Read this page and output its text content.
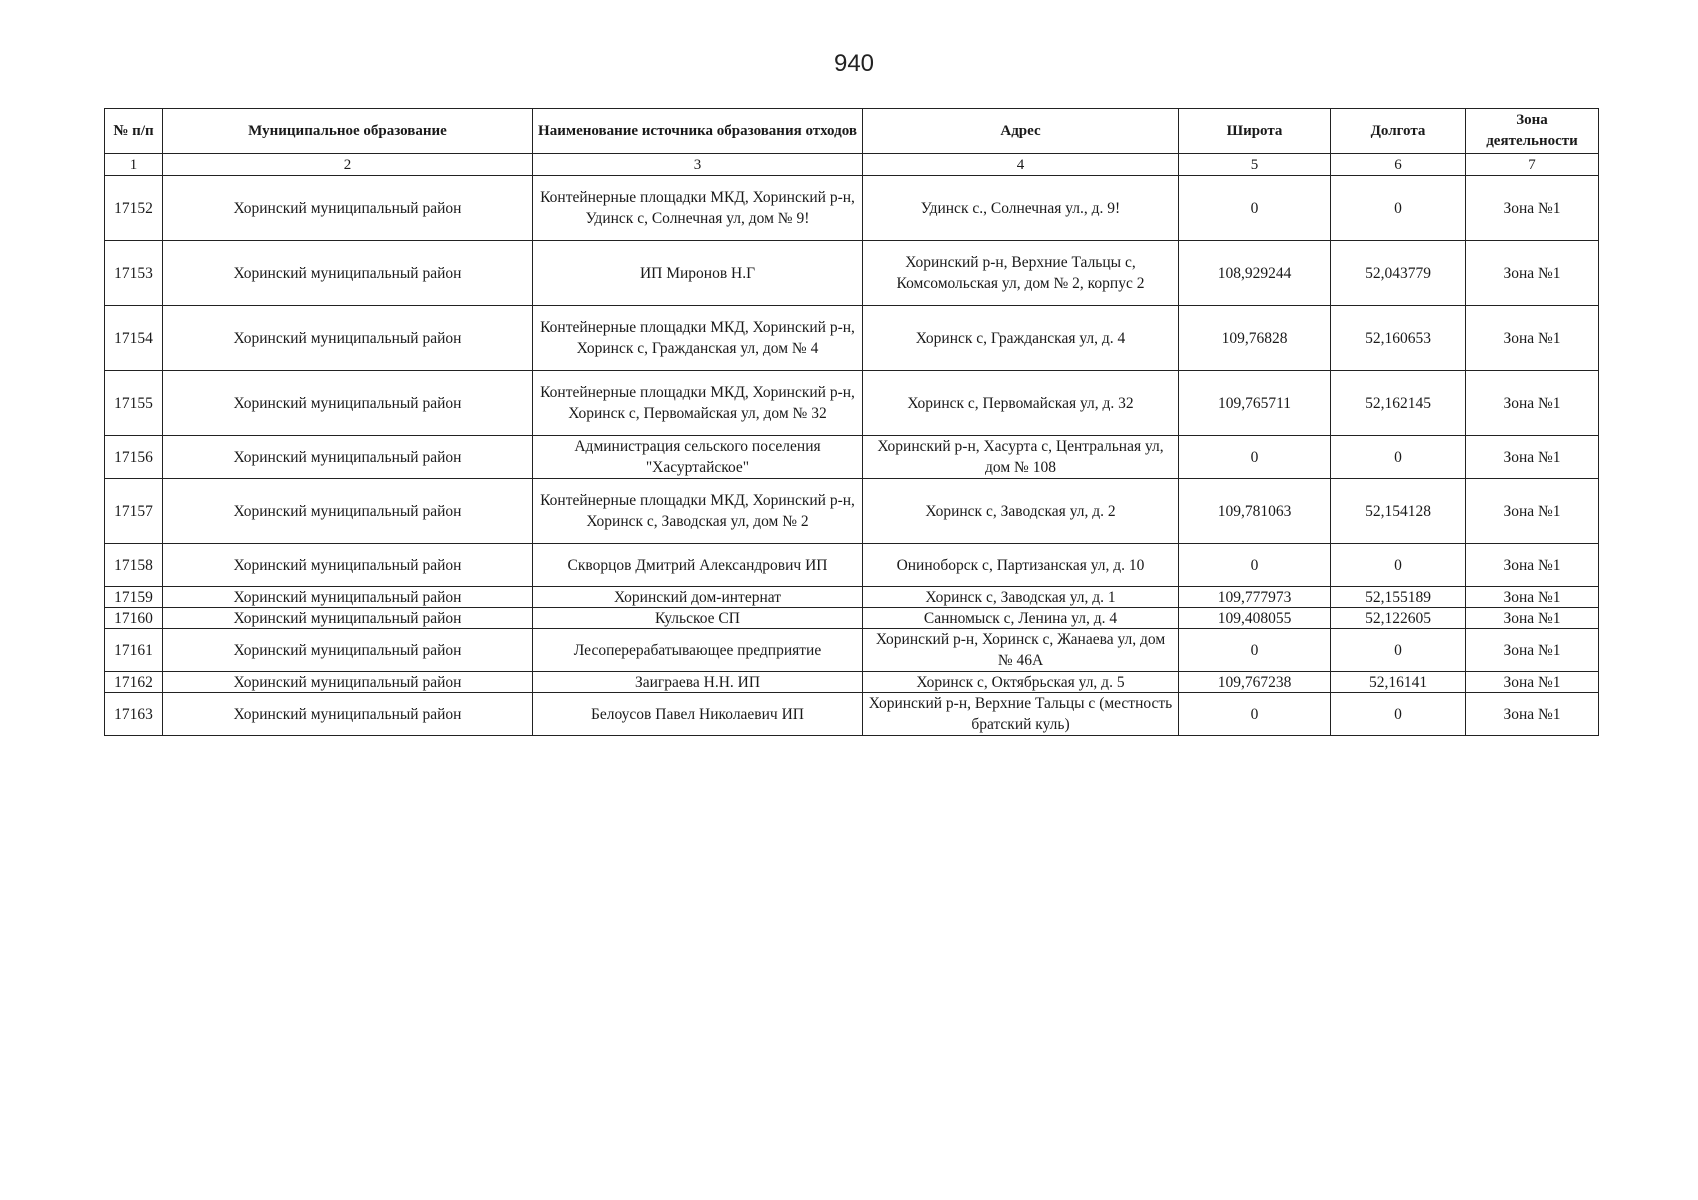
940
№ п/п	Муниципальное образование	Наименование источника образования отходов	Адрес	Широта	Долгота	Зона деятельности
1	2	3	4	5	6	7
17152	Хоринский муниципальный район	Контейнерные площадки МКД, Хоринский р-н, Удинск с, Солнечная ул, дом № 9!	Удинск с., Солнечная ул., д. 9!	0	0	Зона №1
17153	Хоринский муниципальный район	ИП Миронов Н.Г	Хоринский р-н, Верхние Тальцы с, Комсомольская ул, дом № 2, корпус 2	108,929244	52,043779	Зона №1
17154	Хоринский муниципальный район	Контейнерные площадки МКД, Хоринский р-н, Хоринск с, Гражданская ул, дом № 4	Хоринск с, Гражданская ул, д. 4	109,76828	52,160653	Зона №1
17155	Хоринский муниципальный район	Контейнерные площадки МКД, Хоринский р-н, Хоринск с, Первомайская ул, дом № 32	Хоринск с, Первомайская ул, д. 32	109,765711	52,162145	Зона №1
17156	Хоринский муниципальный район	Администрация сельского поселения "Хасуртайское"	Хоринский р-н, Хасурта с, Центральная ул, дом № 108	0	0	Зона №1
17157	Хоринский муниципальный район	Контейнерные площадки МКД, Хоринский р-н, Хоринск с, Заводская ул, дом № 2	Хоринск с, Заводская ул, д. 2	109,781063	52,154128	Зона №1
17158	Хоринский муниципальный район	Скворцов Дмитрий Александрович ИП	Ониноборск с, Партизанская ул, д. 10	0	0	Зона №1
17159	Хоринский муниципальный район	Хоринский дом-интернат	Хоринск с, Заводская ул, д. 1	109,777973	52,155189	Зона №1
17160	Хоринский муниципальный район	Кульское СП	Санномыск с, Ленина ул, д. 4	109,408055	52,122605	Зона №1
17161	Хоринский муниципальный район	Лесоперерабатывающее предприятие	Хоринский р-н, Хоринск с, Жанаева ул, дом № 46А	0	0	Зона №1
17162	Хоринский муниципальный район	Заиграева Н.Н. ИП	Хоринск с, Октябрьская ул, д. 5	109,767238	52,16141	Зона №1
17163	Хоринский муниципальный район	Белоусов Павел Николаевич ИП	Хоринский р-н, Верхние Тальцы с (местность братский куль)	0	0	Зона №1
